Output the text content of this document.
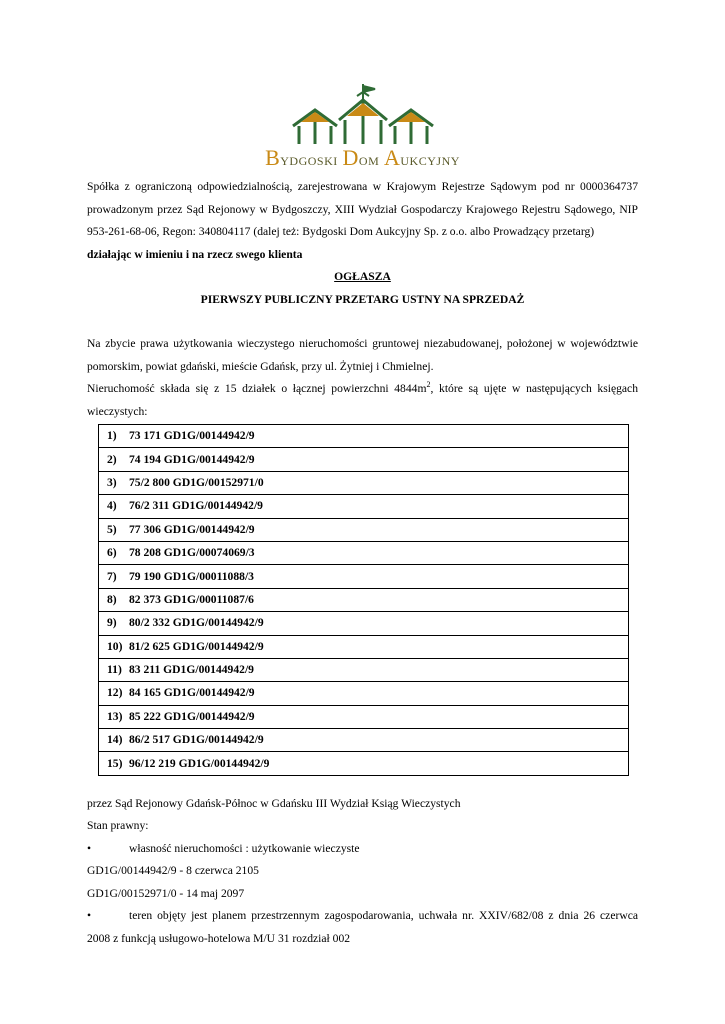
Bydgoski Dom Aukcyjny

Spółka z ograniczoną odpowiedzialnością, zarejestrowana w Krajowym Rejestrze Sądowym pod nr 0000364737 prowadzonym przez Sąd Rejonowy w Bydgoszczy, XIII Wydział Gospodarczy Krajowego Rejestru Sądowego, NIP 953-261-68-06, Regon: 340804117 (dalej też: Bydgoski Dom Aukcyjny Sp. z o.o. albo Prowadzący przetarg)

działając w imieniu i na rzecz swego klienta

OGŁASZA

PIERWSZY PUBLICZNY PRZETARG USTNY NA SPRZEDAŻ

Na zbycie prawa użytkowania wieczystego nieruchomości gruntowej niezabudowanej, położonej w województwie pomorskim, powiat gdański, mieście Gdańsk, przy ul. Żytniej i Chmielnej.

Nieruchomość składa się z 15 działek o łącznej powierzchni $4844m^2$, które są ujęte w następujących księgach wieczystych:

1) 73 171 GD1G/00144942/9
2) 74 194 GD1G/00144942/9
3) 75/2 800 GD1G/00152971/0
4) 76/2 311 GD1G/00144942/9
5) 77 306 GD1G/00144942/9
6) 78 208 GD1G/00074069/3
7) 79 190 GD1G/00011088/3
8) 82 373 GD1G/00011087/6
9) 80/2 332 GD1G/00144942/9
10) 81/2 625 GD1G/00144942/9
11) 83 211 GD1G/00144942/9
12) 84 165 GD1G/00144942/9
13) 85 222 GD1G/00144942/9
14) 86/2 517 GD1G/00144942/9
15) 96/12 219 GD1G/00144942/9

przez Sąd Rejonowy Gdańsk-Północ w Gdańsku III Wydział Ksiąg Wieczystych

Stan prawny:

•	własność nieruchomości : użytkowanie wieczyste

GD1G/00144942/9 - 8 czerwca 2105

GD1G/00152971/0 - 14 maj 2097

•	teren objęty jest planem przestrzennym zagospodarowania, uchwała nr. XXIV/682/08 z dnia 26 czerwca 2008 z funkcją usługowo-hotelowa M/U 31 rozdział 002
